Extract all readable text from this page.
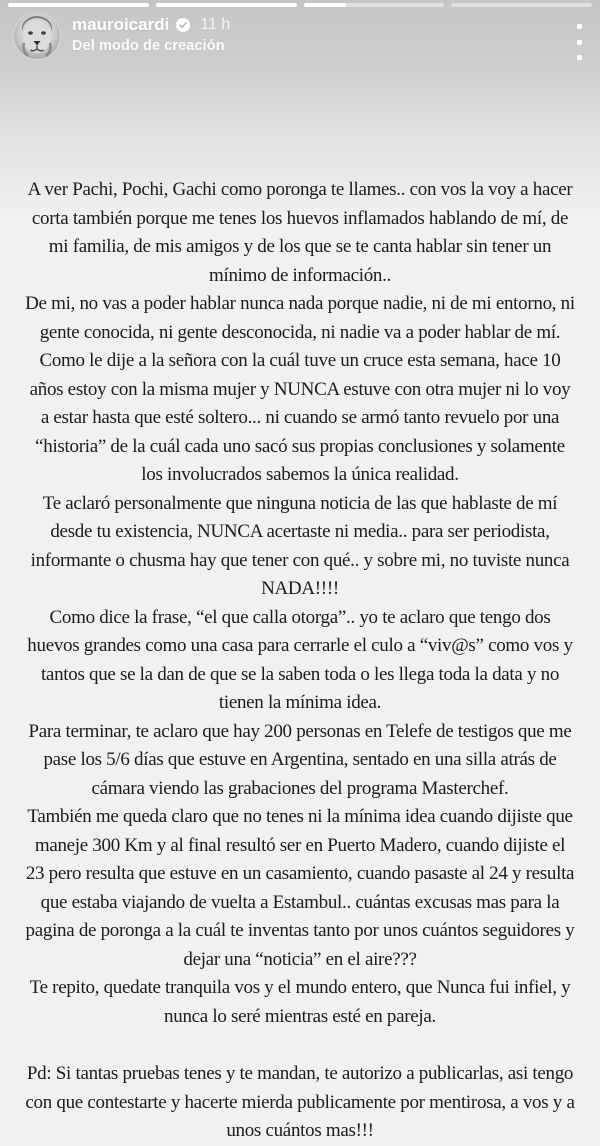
mauroicardi 11 h
Del modo de creación

A ver Pachi, Pochi, Gachi como poronga te llames.. con vos la voy a hacer corta también porque me tenes los huevos inflamados hablando de mí, de mi familia, de mis amigos y de los que se te canta hablar sin tener un mínimo de información..

De mi, no vas a poder hablar nunca nada porque nadie, ni de mi entorno, ni gente conocida, ni gente desconocida, ni nadie va a poder hablar de mí.

Como le dije a la señora con la cuál tuve un cruce esta semana, hace 10 años estoy con la misma mujer y NUNCA estuve con otra mujer ni lo voy a estar hasta que esté soltero... ni cuando se armó tanto revuelo por una “historia” de la cuál cada uno sacó sus propias conclusiones y solamente los involucrados sabemos la única realidad.

Te aclaró personalmente que ninguna noticia de las que hablaste de mí desde tu existencia, NUNCA acertaste ni media.. para ser periodista, informante o chusma hay que tener con qué.. y sobre mi, no tuviste nunca NADA!!!!

Como dice la frase, “el que calla otorga”.. yo te aclaro que tengo dos huevos grandes como una casa para cerrarle el culo a “viv@s” como vos y tantos que se la dan de que se la saben toda o les llega toda la data y no tienen la mínima idea.

Para terminar, te aclaro que hay 200 personas en Telefe de testigos que me pase los 5/6 días que estuve en Argentina, sentado en una silla atrás de cámara viendo las grabaciones del programa Masterchef.

También me queda claro que no tenes ni la mínima idea cuando dijiste que maneje 300 Km y al final resultó ser en Puerto Madero, cuando dijiste el 23 pero resulta que estuve en un casamiento, cuando pasaste al 24 y resulta que estaba viajando de vuelta a Estambul.. cuántas excusas mas para la pagina de poronga a la cuál te inventas tanto por unos cuántos seguidores y dejar una “noticia” en el aire???

Te repito, quedate tranquila vos y el mundo entero, que Nunca fui infiel, y nunca lo seré mientras esté en pareja.

Pd: Si tantas pruebas tenes y te mandan, te autorizo a publicarlas, asi tengo con que contestarte y hacerte mierda publicamente por mentirosa, a vos y a unos cuántos mas!!!
